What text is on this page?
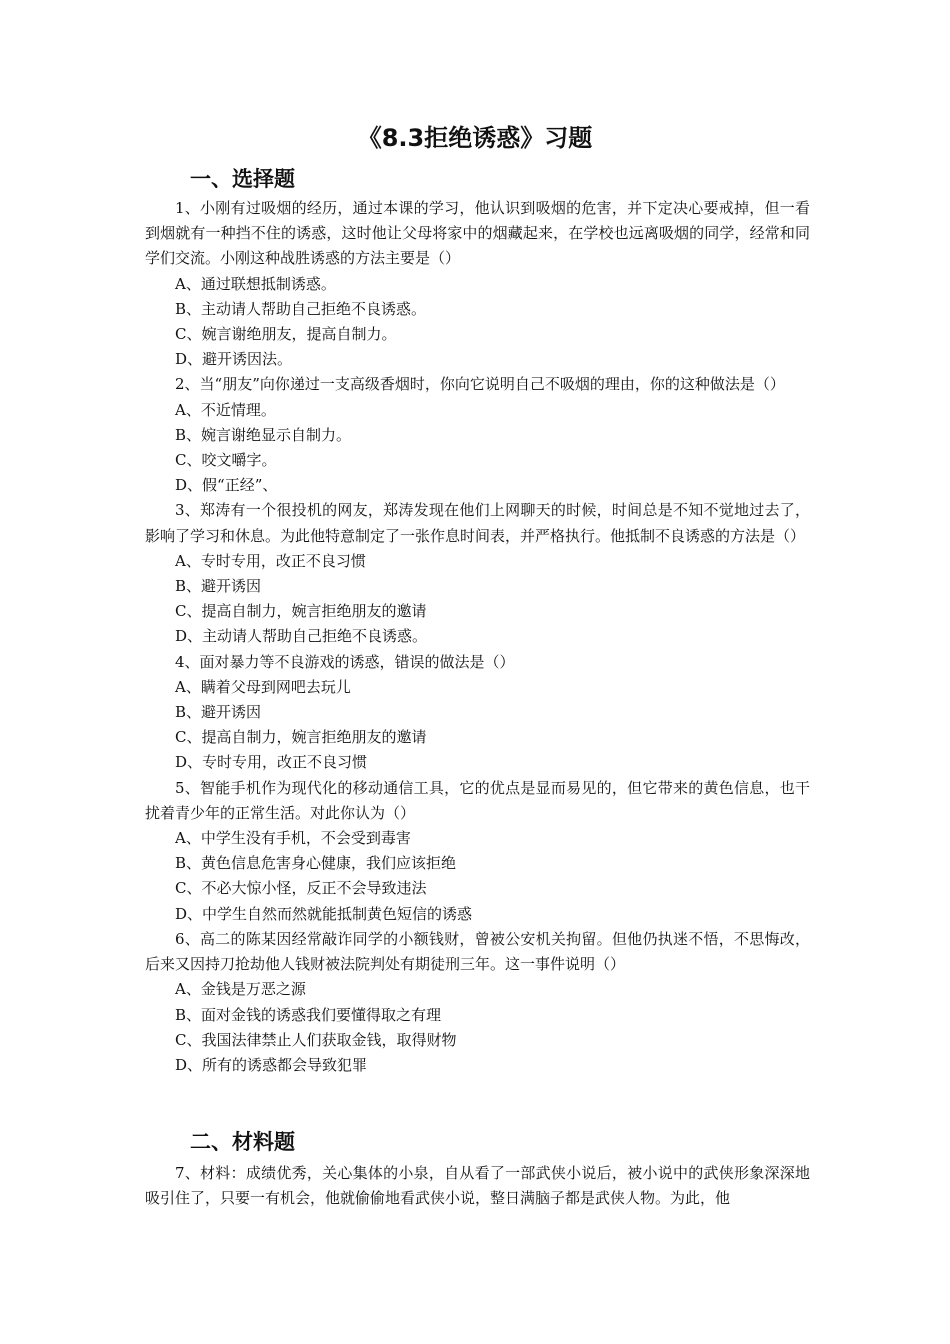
《8.3拒绝诱惑》习题
一、选择题

1、小刚有过吸烟的经历，通过本课的学习，他认识到吸烟的危害，并下定决心要戒掉，但一看到烟就有一种挡不住的诱惑，这时他让父母将家中的烟藏起来，在学校也远离吸烟的同学，经常和同学们交流。小刚这种战胜诱惑的方法主要是（）

A、通过联想抵制诱惑。

B、主动请人帮助自己拒绝不良诱惑。

C、婉言谢绝朋友，提高自制力。

D、避开诱因法。

2、当“朋友”向你递过一支高级香烟时，你向它说明自己不吸烟的理由，你的这种做法是（）

A、不近情理。

B、婉言谢绝显示自制力。

C、咬文嚼字。

D、假“正经”、

3、郑涛有一个很投机的网友，郑涛发现在他们上网聊天的时候，时间总是不知不觉地过去了，影响了学习和休息。为此他特意制定了一张作息时间表，并严格执行。他抵制不良诱惑的方法是（）

A、专时专用，改正不良习惯

B、避开诱因

C、提高自制力，婉言拒绝朋友的邀请

D、主动请人帮助自己拒绝不良诱惑。

4、面对暴力等不良游戏的诱惑，错误的做法是（）

A、瞒着父母到网吧去玩儿

B、避开诱因

C、提高自制力，婉言拒绝朋友的邀请

D、专时专用，改正不良习惯

5、智能手机作为现代化的移动通信工具，它的优点是显而易见的，但它带来的黄色信息，也干扰着青少年的正常生活。对此你认为（）

A、中学生没有手机，不会受到毒害

B、黄色信息危害身心健康，我们应该拒绝

C、不必大惊小怪，反正不会导致违法

D、中学生自然而然就能抵制黄色短信的诱惑

6、高二的陈某因经常敲诈同学的小额钱财，曾被公安机关拘留。但他仍执迷不悟，不思悔改，后来又因持刀抢劫他人钱财被法院判处有期徒刑三年。这一事件说明（）

A、金钱是万恶之源

B、面对金钱的诱惑我们要懂得取之有理

C、我国法律禁止人们获取金钱，取得财物

D、所有的诱惑都会导致犯罪

二、材料题

7、材料：成绩优秀，关心集体的小泉，自从看了一部武侠小说后，被小说中的武侠形象深深地吸引住了，只要一有机会，他就偷偷地看武侠小说，整日满脑子都是武侠人物。为此，他
